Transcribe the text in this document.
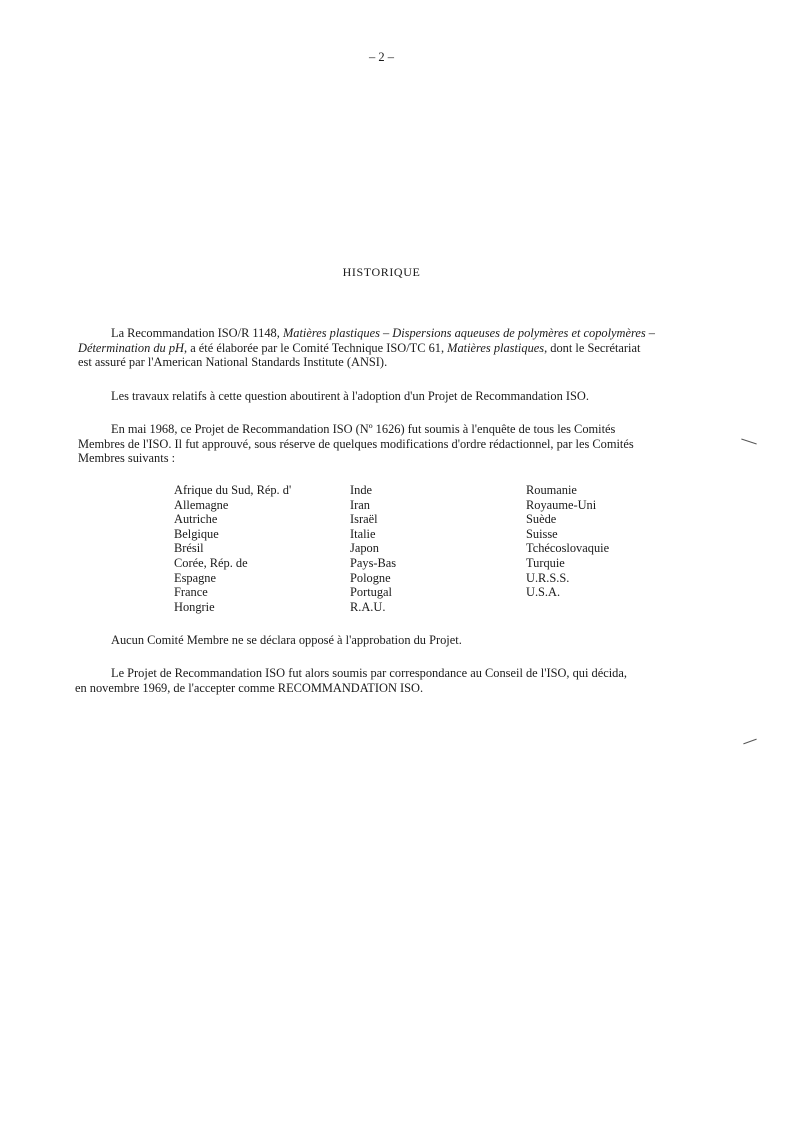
– 2 –
HISTORIQUE
La Recommandation ISO/R 1148, Matières plastiques – Dispersions aqueuses de polymères et copolymères –
Détermination du pH, a été élaborée par le Comité Technique ISO/TC 61, Matières plastiques, dont le Secrétariat
est assuré par l'American National Standards Institute (ANSI).
Les travaux relatifs à cette question aboutirent à l'adoption d'un Projet de Recommandation ISO.
En mai 1968, ce Projet de Recommandation ISO (Nº 1626) fut soumis à l'enquête de tous les Comités
Membres de l'ISO. Il fut approuvé, sous réserve de quelques modifications d'ordre rédactionnel, par les Comités
Membres suivants :
Afrique du Sud, Rép. d'
Allemagne
Autriche
Belgique
Brésil
Corée, Rép. de
Espagne
France
Hongrie
Inde
Iran
Israël
Italie
Japon
Pays-Bas
Pologne
Portugal
R.A.U.
Roumanie
Royaume-Uni
Suède
Suisse
Tchécoslovaquie
Turquie
U.R.S.S.
U.S.A.
Aucun Comité Membre ne se déclara opposé à l'approbation du Projet.
Le Projet de Recommandation ISO fut alors soumis par correspondance au Conseil de l'ISO, qui décida,
en novembre 1969, de l'accepter comme RECOMMANDATION ISO.
